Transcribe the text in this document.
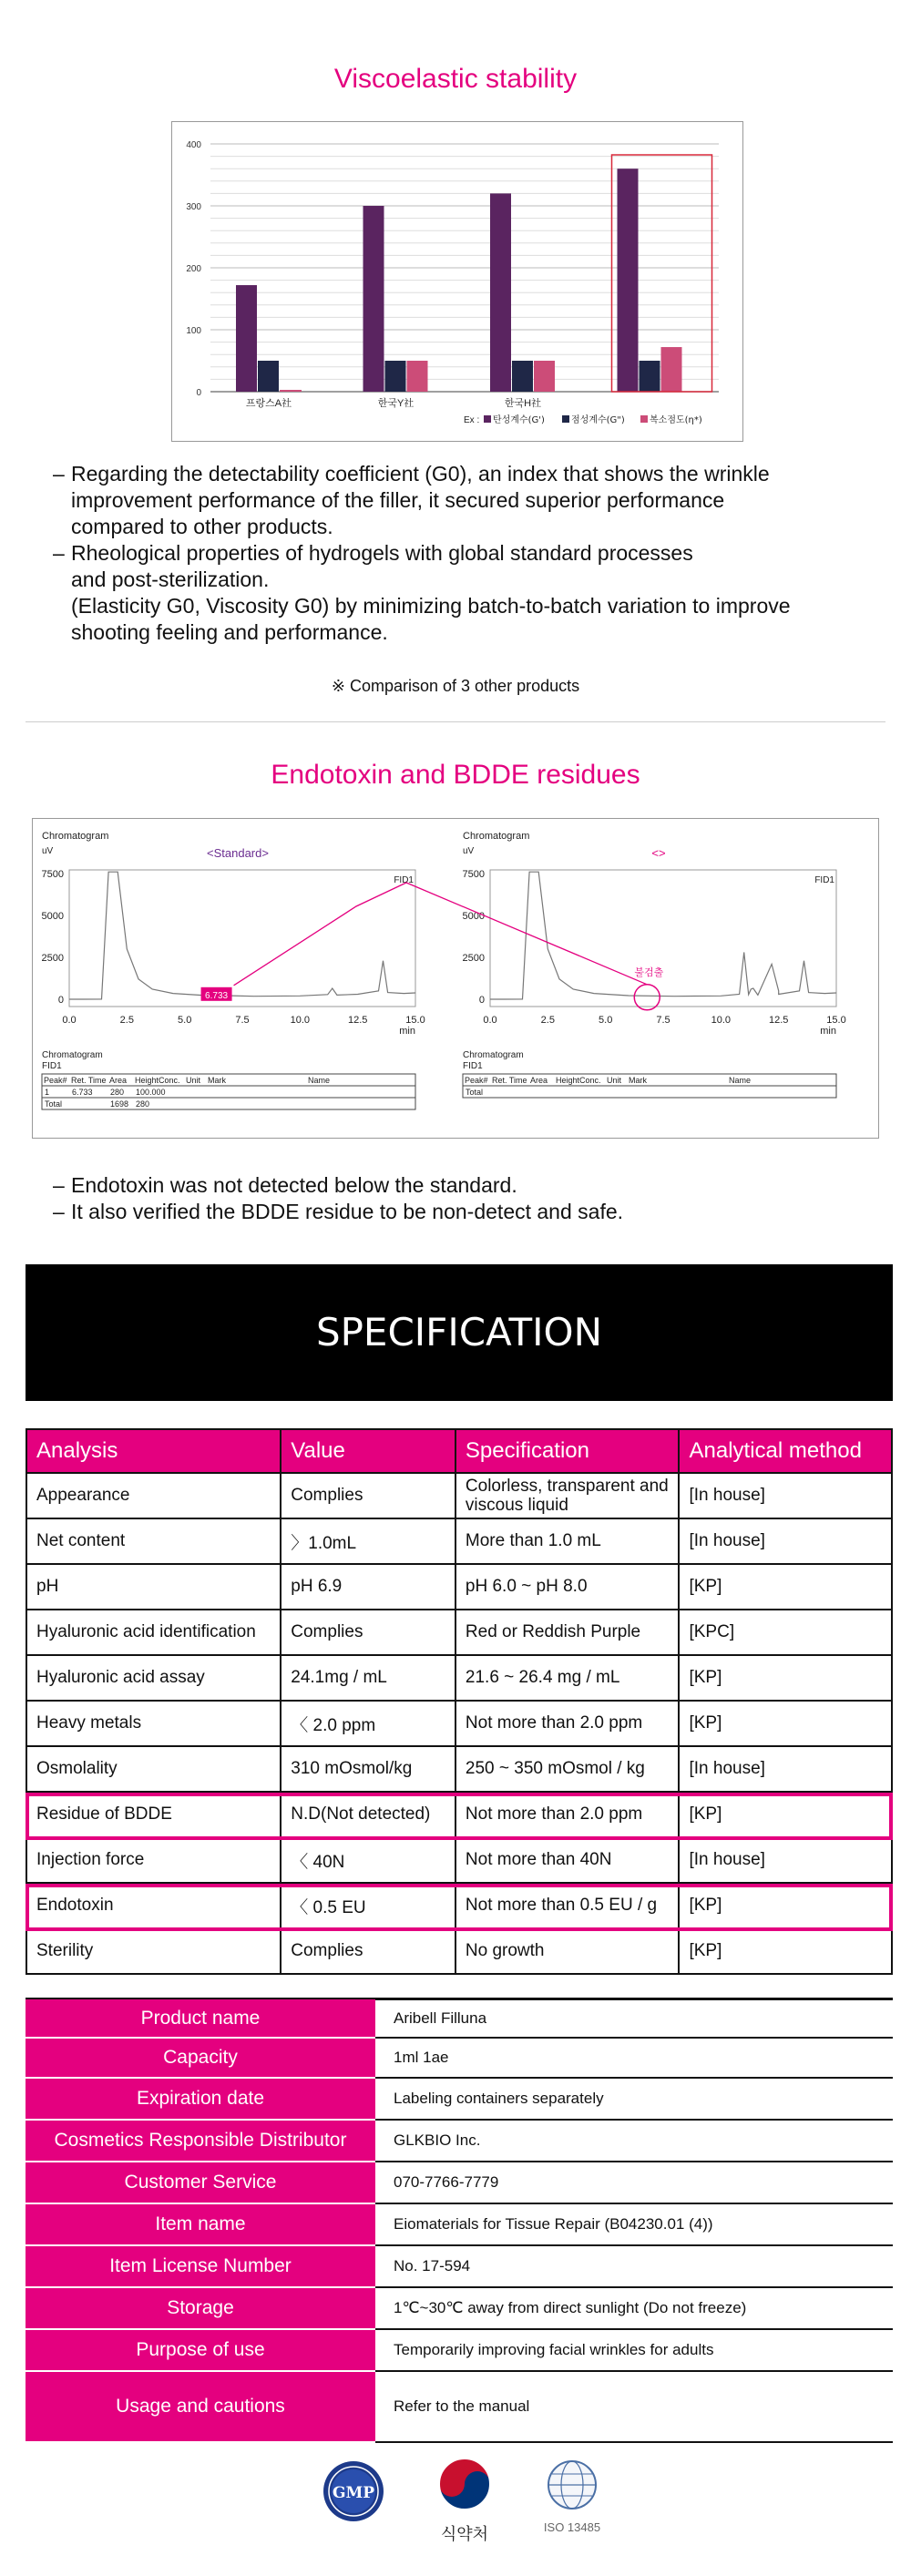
Viscoelastic stability
0
100
200
300
400
프랑스A社	한국Y社	한국H社
Ex : 탄성계수(G')	점성계수(G")	복소점도(η*)
– Regarding the detectability coefficient (G0), an index that shows the wrinkle
improvement performance of the filler, it secured superior performance
compared to other products.
– Rheological properties of hydrogels with global standard processes
and post-sterilization.
(Elasticity G0, Viscosity G0) by minimizing batch-to-batch variation to improve
shooting feeling and performance.
※ Comparison of 3 other products
Endotoxin and BDDE residues
Chromatogram
uV	<Standard>
FID1
7500
5000
2500
0
0.0	2.5	5.0	7.5	10.0	12.5	15.0
min
6.733
Chromatogram
FID1
Peak# Ret. Time Area Height Conc. Unit Mark	Name
1	6.733 280 100.000
Total	1698 280
Chromatogram
uV	<>
FID1
7500
5000
2500
0
0.0	2.5	5.0	7.5	10.0	12.5	15.0
min
불검출
Chromatogram
FID1
Peak# Ret. Time Area Height Conc. Unit Mark	Name
Total
– Endotoxin was not detected below the standard.
– It also verified the BDDE residue to be non-detect and safe.
SPECIFICATION
Analysis	Value	Specification	Analytical method
Appearance	Complies	Colorless, transparent and viscous liquid	[In house]
Net content	〉1.0mL	More than 1.0 mL	[In house]
pH	pH 6.9	pH 6.0 ~ pH 8.0	[KP]
Hyaluronic acid identification	Complies	Red or Reddish Purple	[KPC]
Hyaluronic acid assay	24.1mg / mL	21.6 ~ 26.4 mg / mL	[KP]
Heavy metals	〈 2.0 ppm	Not more than 2.0 ppm	[KP]
Osmolality	310 mOsmol/kg	250 ~ 350 mOsmol / kg	[In house]
Residue of BDDE	N.D(Not detected)	Not more than 2.0 ppm	[KP]
Injection force	〈 40N	Not more than 40N	[In house]
Endotoxin	〈 0.5 EU	Not more than 0.5 EU / g	[KP]
Sterility	Complies	No growth	[KP]
Product name	Aribell Filluna
Capacity	1ml 1ae
Expiration date	Labeling containers separately
Cosmetics Responsible Distributor	GLKBIO Inc.
Customer Service	070-7766-7779
Item name	Eiomaterials for Tissue Repair (B04230.01 (4))
Item License Number	No. 17-594
Storage	1℃~30℃ away from direct sunlight (Do not freeze)
Purpose of use	Temporarily improving facial wrinkles for adults
Usage and cautions	Refer to the manual
GMP
식약처	ISO 13485
